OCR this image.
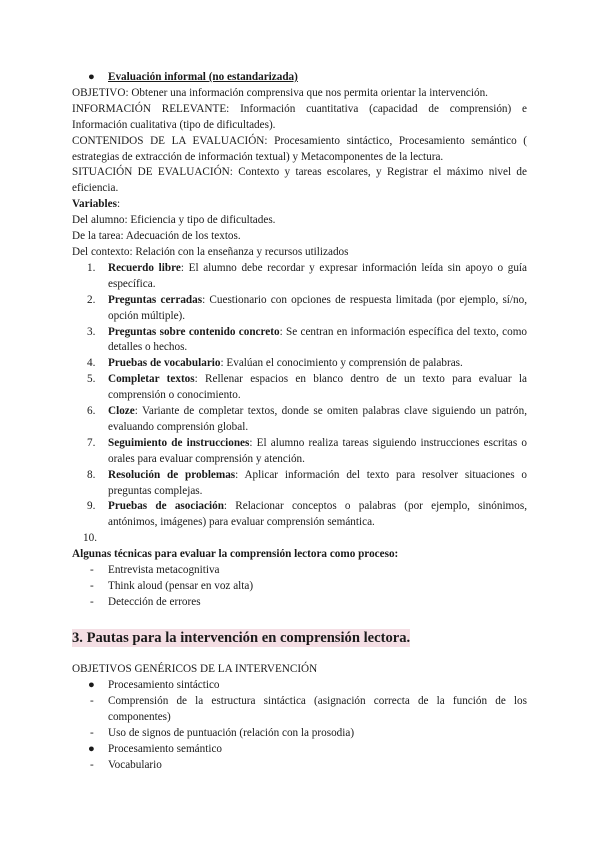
● Evaluación informal (no estandarizada)

OBJETIVO: Obtener una información comprensiva que nos permita orientar la intervención.

INFORMACIÓN RELEVANTE: Información cuantitativa (capacidad de comprensión) e Información cualitativa (tipo de dificultades).

CONTENIDOS DE LA EVALUACIÓN: Procesamiento sintáctico, Procesamiento semántico ( estrategias de extracción de información textual) y Metacomponentes de la lectura.

SITUACIÓN DE EVALUACIÓN: Contexto y tareas escolares, y Registrar el máximo nivel de eficiencia.

Variables:

Del alumno: Eficiencia y tipo de dificultades.

De la tarea: Adecuación de los textos.

Del contexto: Relación con la enseñanza y recursos utilizados

1. Recuerdo libre: El alumno debe recordar y expresar información leída sin apoyo o guía específica.
2. Preguntas cerradas: Cuestionario con opciones de respuesta limitada (por ejemplo, sí/no, opción múltiple).
3. Preguntas sobre contenido concreto: Se centran en información específica del texto, como detalles o hechos.
4. Pruebas de vocabulario: Evalúan el conocimiento y comprensión de palabras.
5. Completar textos: Rellenar espacios en blanco dentro de un texto para evaluar la comprensión o conocimiento.
6. Cloze: Variante de completar textos, donde se omiten palabras clave siguiendo un patrón, evaluando comprensión global.
7. Seguimiento de instrucciones: El alumno realiza tareas siguiendo instrucciones escritas o orales para evaluar comprensión y atención.
8. Resolución de problemas: Aplicar información del texto para resolver situaciones o preguntas complejas.
9. Pruebas de asociación: Relacionar conceptos o palabras (por ejemplo, sinónimos, antónimos, imágenes) para evaluar comprensión semántica.
10.

Algunas técnicas para evaluar la comprensión lectora como proceso:

- Entrevista metacognitiva

- Think aloud (pensar en voz alta)

- Detección de errores

3. Pautas para la intervención en comprensión lectora.

OBJETIVOS GENÉRICOS DE LA INTERVENCIÓN

● Procesamiento sintáctico

- Comprensión de la estructura sintáctica (asignación correcta de la función de los componentes)

- Uso de signos de puntuación (relación con la prosodia)

● Procesamiento semántico

- Vocabulario
